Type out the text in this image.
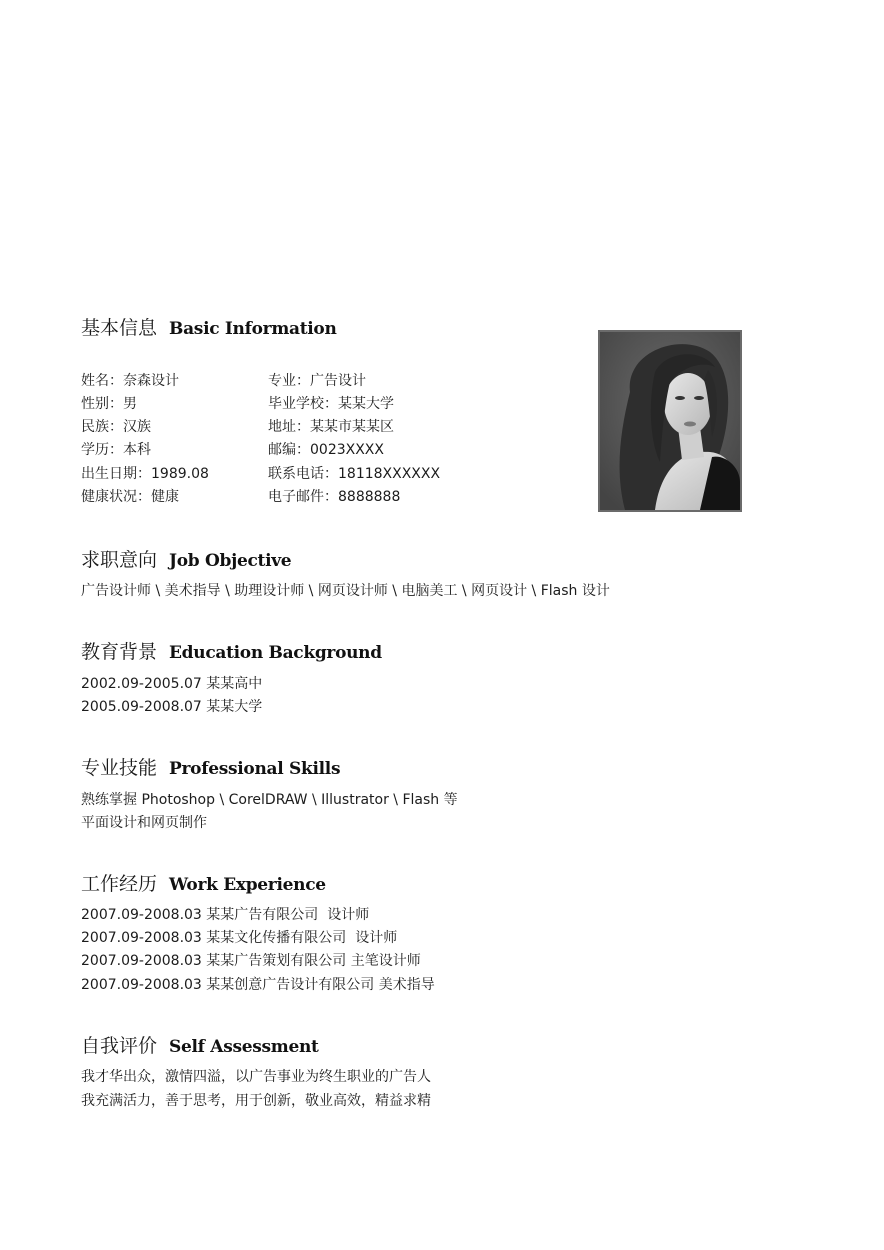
基本信息 Basic Information
姓名：奈森设计
性别：男
民族：汉族
学历：本科
出生日期：1989.08
健康状况：健康
专业：广告设计
毕业学校：某某大学
地址：某某市某某区
邮编：0023XXXX
联系电话：18118XXXXXX
电子邮件：8888888
求职意向 Job Objective
广告设计师 \ 美术指导 \ 助理设计师 \ 网页设计师 \ 电脑美工 \ 网页设计 \ Flash 设计
教育背景 Education Background
2002.09-2005.07 某某高中
2005.09-2008.07 某某大学
专业技能 Professional Skills
熟练掌握 Photoshop \ CorelDRAW \ Illustrator \ Flash 等
平面设计和网页制作
工作经历 Work Experience
2007.09-2008.03 某某广告有限公司  设计师
2007.09-2008.03 某某文化传播有限公司  设计师
2007.09-2008.03 某某广告策划有限公司 主笔设计师
2007.09-2008.03 某某创意广告设计有限公司 美术指导
自我评价 Self Assessment
我才华出众，激情四溢，以广告事业为终生职业的广告人
我充满活力，善于思考，用于创新，敬业高效，精益求精
